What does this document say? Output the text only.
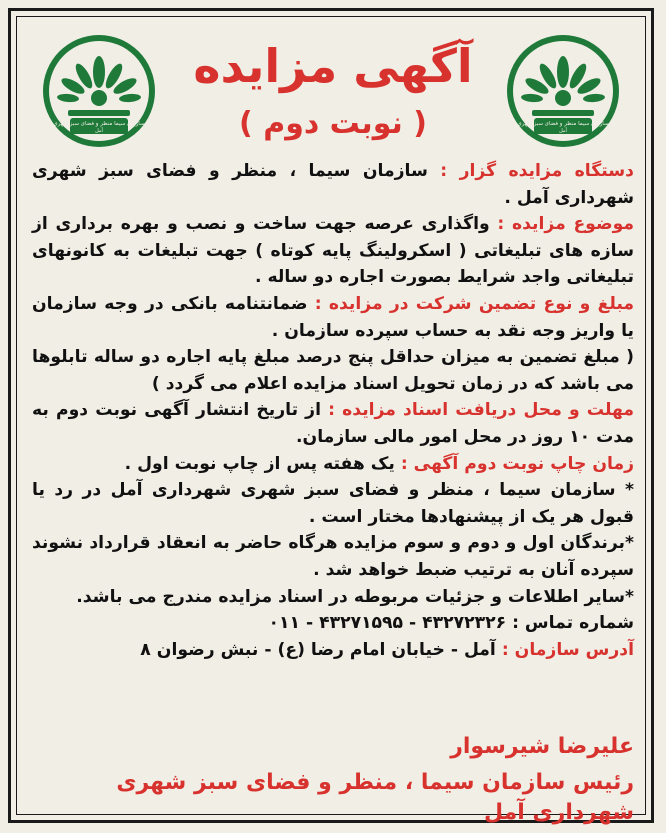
سازمان سیما منظر و فضای سبز شهری
آمل
سازمان سیما منظر و فضای سبز شهری
آمل
آگهی مزایده
( نوبت دوم )

دستگاه مزایده گزار : سازمان سیما ، منظر و فضای سبز شهری شهرداری آمل .

موضوع مزایده : واگذاری عرصه جهت ساخت و نصب و بهره برداری از سازه های تبلیغاتی ( اسکرولینگ پایه کوتاه ) جهت تبلیغات به کانونهای تبلیغاتی واجد شرایط بصورت اجاره دو ساله .

مبلغ و نوع تضمین شرکت در مزایده : ضمانتنامه بانکی در وجه سازمان یا واریز وجه نقد به حساب سپرده سازمان .

( مبلغ تضمین به میزان حداقل پنج درصد مبلغ پایه اجاره دو ساله تابلوها می باشد که در زمان تحویل اسناد مزایده اعلام می گردد )

مهلت و محل دریافت اسناد مزایده : از تاریخ انتشار آگهی نوبت دوم به مدت ۱۰ روز در محل امور مالی سازمان.

زمان چاپ نوبت دوم آگهی : یک هفته پس از چاپ نوبت اول .

* سازمان سیما ، منظر و فضای سبز شهری شهرداری آمل در رد یا قبول هر یک از پیشنهادها مختار است .

*برندگان اول و دوم و سوم مزایده هرگاه حاضر به انعقاد قرارداد نشوند سپرده آنان به ترتیب ضبط خواهد شد .

*سایر اطلاعات و جزئیات مربوطه در اسناد مزایده مندرج می باشد.

شماره تماس : ۴۳۲۷۲۳۲۶ - ۴۳۲۷۱۵۹۵ - ۰۱۱

آدرس سازمان : آمل - خیابان امام رضا (ع) - نبش رضوان ۸

علیرضا شیرسوار
رئیس سازمان سیما ، منظر و فضای سبز شهری شهرداری آمل
